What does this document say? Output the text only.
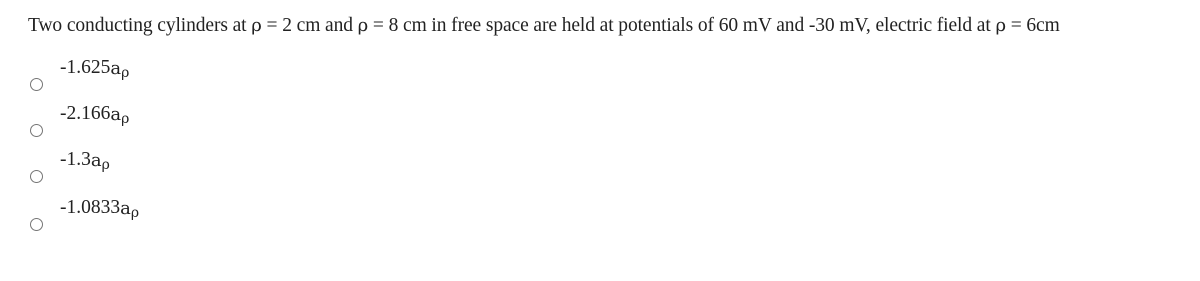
Two conducting cylinders at ρ = 2 cm and ρ = 8 cm in free space are held at potentials of 60 mV and -30 mV, electric field at ρ = 6cm
-1.625aρ
-2.166aρ
-1.3aρ
-1.0833aρ
